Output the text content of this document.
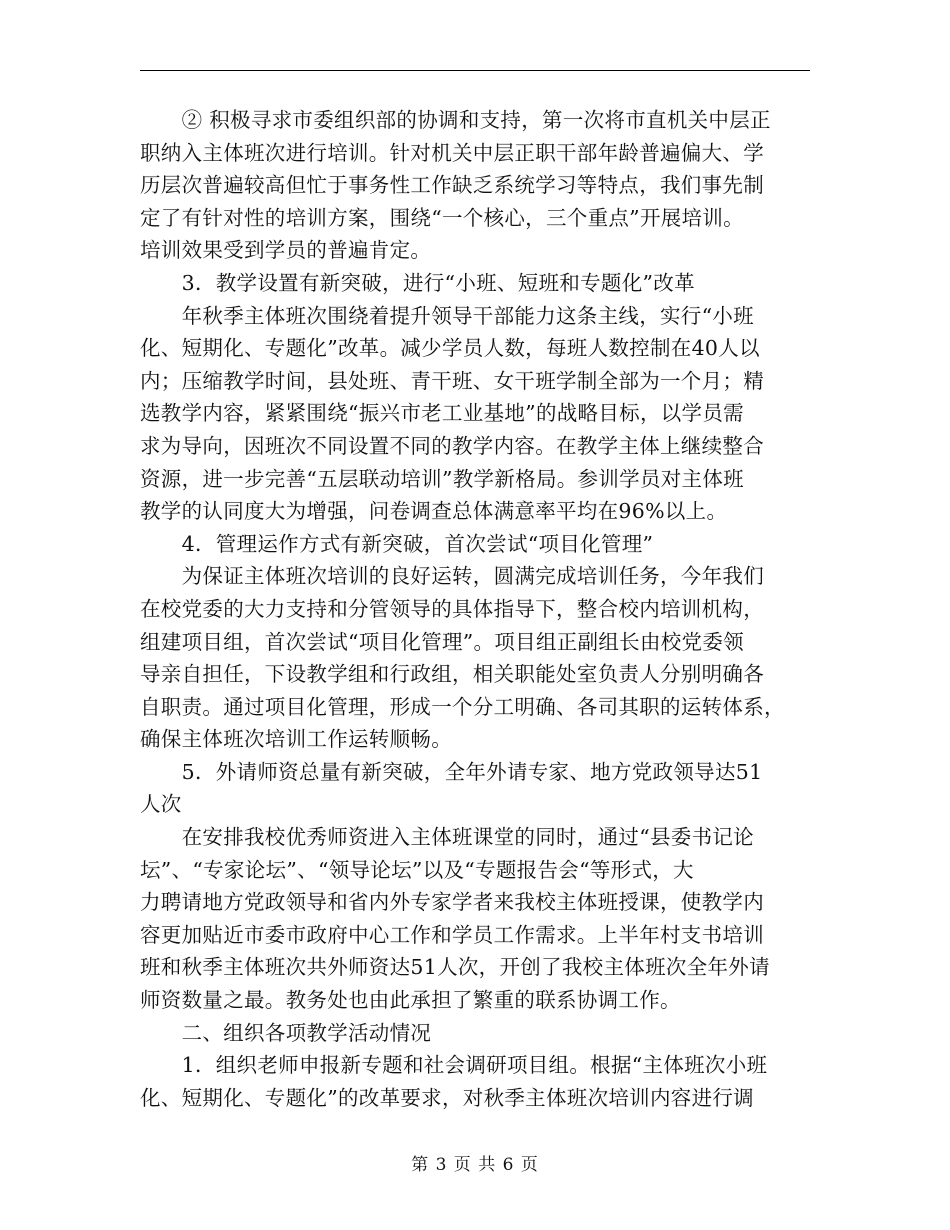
　　② 积极寻求市委组织部的协调和支持，第一次将市直机关中层正
职纳入主体班次进行培训。针对机关中层正职干部年龄普遍偏大、学
历层次普遍较高但忙于事务性工作缺乏系统学习等特点，我们事先制
定了有针对性的培训方案，围绕“一个核心，三个重点”开展培训。
培训效果受到学员的普遍肯定。
　　3．教学设置有新突破，进行“小班、短班和专题化”改革
　　年秋季主体班次围绕着提升领导干部能力这条主线，实行“小班
化、短期化、专题化”改革。减少学员人数，每班人数控制在40人以
内；压缩教学时间，县处班、青干班、女干班学制全部为一个月；精
选教学内容，紧紧围绕“振兴市老工业基地”的战略目标，以学员需
求为导向，因班次不同设置不同的教学内容。在教学主体上继续整合
资源，进一步完善“五层联动培训”教学新格局。参训学员对主体班
教学的认同度大为增强，问卷调查总体满意率平均在96%以上。
　　4．管理运作方式有新突破，首次尝试“项目化管理”
　　为保证主体班次培训的良好运转，圆满完成培训任务，今年我们
在校党委的大力支持和分管领导的具体指导下，整合校内培训机构，
组建项目组，首次尝试“项目化管理”。项目组正副组长由校党委领
导亲自担任，下设教学组和行政组，相关职能处室负责人分别明确各
自职责。通过项目化管理，形成一个分工明确、各司其职的运转体系，
确保主体班次培训工作运转顺畅。
　　5．外请师资总量有新突破，全年外请专家、地方党政领导达51
人次
　　在安排我校优秀师资进入主体班课堂的同时，通过“县委书记论
坛”、“专家论坛”、“领导论坛”以及“专题报告会“等形式，大
力聘请地方党政领导和省内外专家学者来我校主体班授课，使教学内
容更加贴近市委市政府中心工作和学员工作需求。上半年村支书培训
班和秋季主体班次共外师资达51人次，开创了我校主体班次全年外请
师资数量之最。教务处也由此承担了繁重的联系协调工作。
　　二、组织各项教学活动情况
　　1．组织老师申报新专题和社会调研项目组。根据“主体班次小班
化、短期化、专题化”的改革要求，对秋季主体班次培训内容进行调
第 3 页 共 6 页
